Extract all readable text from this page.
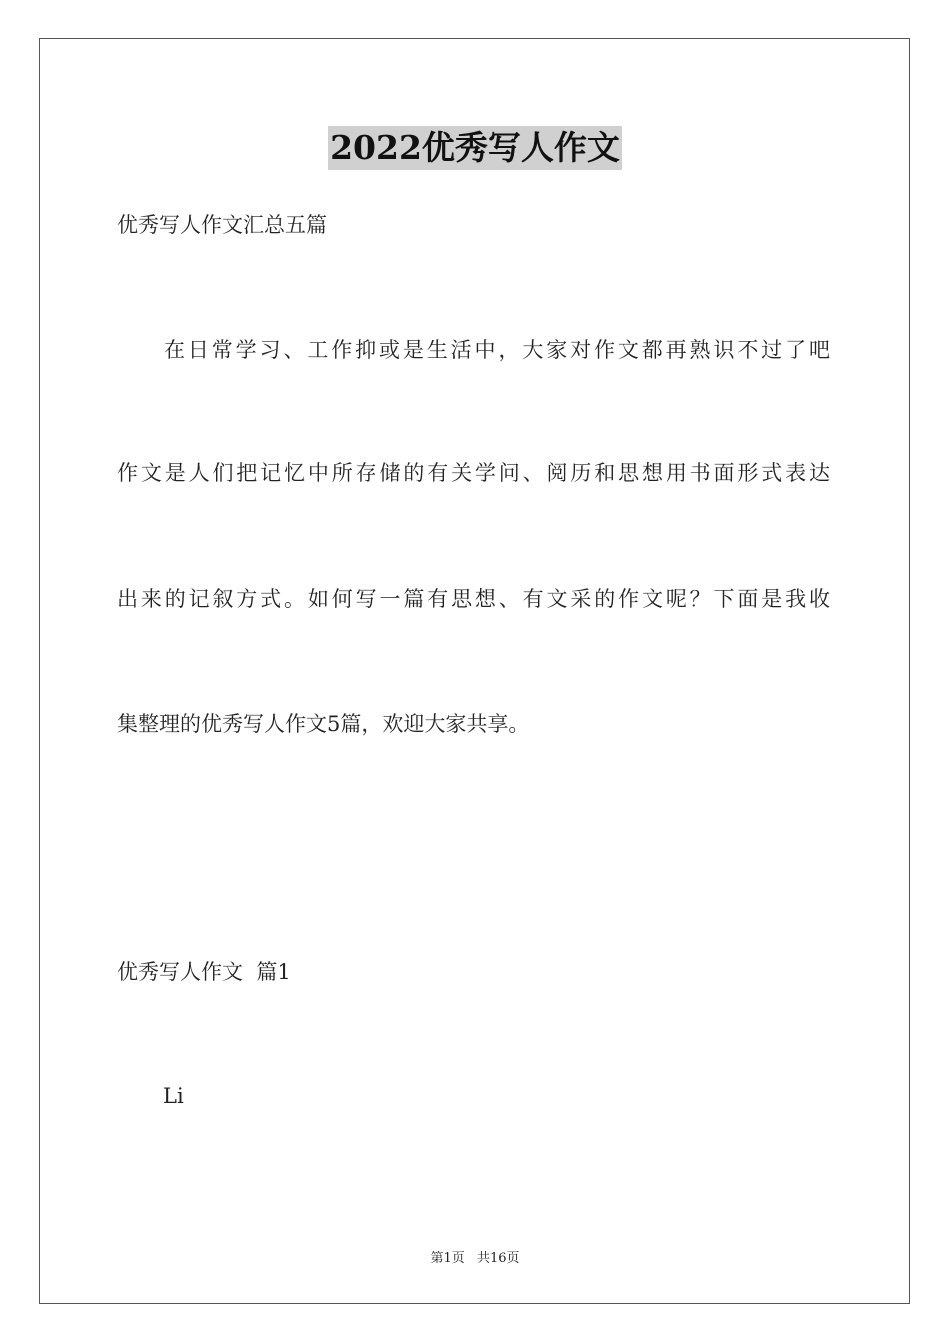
2022优秀写人作文
优秀写人作文汇总五篇
在日常学习、工作抑或是生活中，大家对作文都再熟识不过了吧
作文是人们把记忆中所存储的有关学问、阅历和思想用书面形式表达
出来的记叙方式。如何写一篇有思想、有文采的作文呢？下面是我收
集整理的优秀写人作文5篇，欢迎大家共享。
优秀写人作文  篇1
Li
第1页 共16页
